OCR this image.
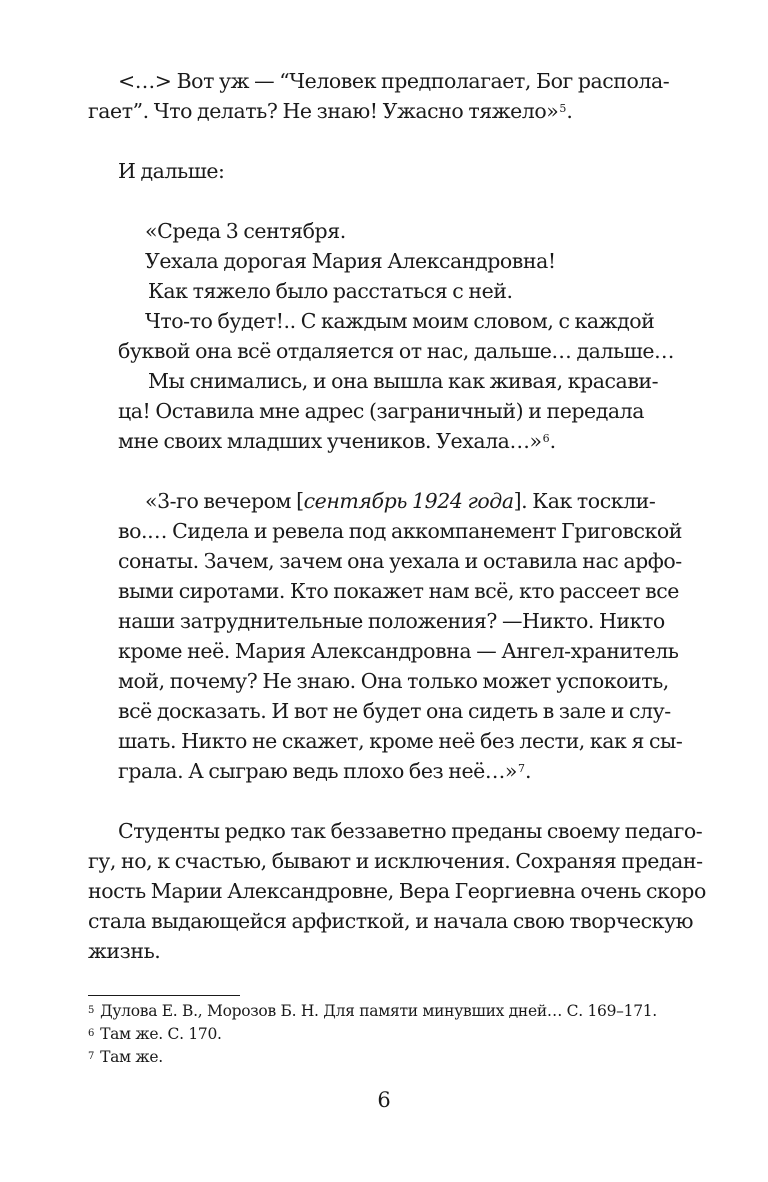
<…> Вот уж — “Человек предполагает, Бог распола-
гает”. Что делать? Не знаю! Ужасно тяжело»$^5$.
И дальше:
«Среда 3 сентября.
Уехала дорогая Мария Александровна!
Как тяжело было расстаться с ней.
Что-то будет!.. С каждым моим словом, с каждой
буквой она всё отдаляется от нас, дальше… дальше…
Мы снимались, и она вышла как живая, красави-
ца! Оставила мне адрес (заграничный) и передала
мне своих младших учеников. Уехала…»$^6$.
«3-го вечером [сентябрь 1924 года]. Как тоскли-
во.… Сидела и ревела под аккомпанемент Григовской
сонаты. Зачем, зачем она уехала и оставила нас арфо-
выми сиротами. Кто покажет нам всё, кто рассеет все
наши затруднительные положения? —Никто. Никто
кроме неё. Мария Александровна — Ангел-хранитель
мой, почему? Не знаю. Она только может успокоить,
всё досказать. И вот не будет она сидеть в зале и слу-
шать. Никто не скажет, кроме неё без лести, как я сы-
грала. А сыграю ведь плохо без неё…»$^7$.
Студенты редко так беззаветно преданы своему педаго-
гу, но, к счастью, бывают и исключения. Сохраняя предан-
ность Марии Александровне, Вера Георгиевна очень скоро
стала выдающейся арфисткой, и начала свою творческую
жизнь.
$^5$ Дулова Е. В., Морозов Б. Н. Для памяти минувших дней… С. 169–171.
$^6$ Там же. С. 170.
$^7$ Там же.
6
